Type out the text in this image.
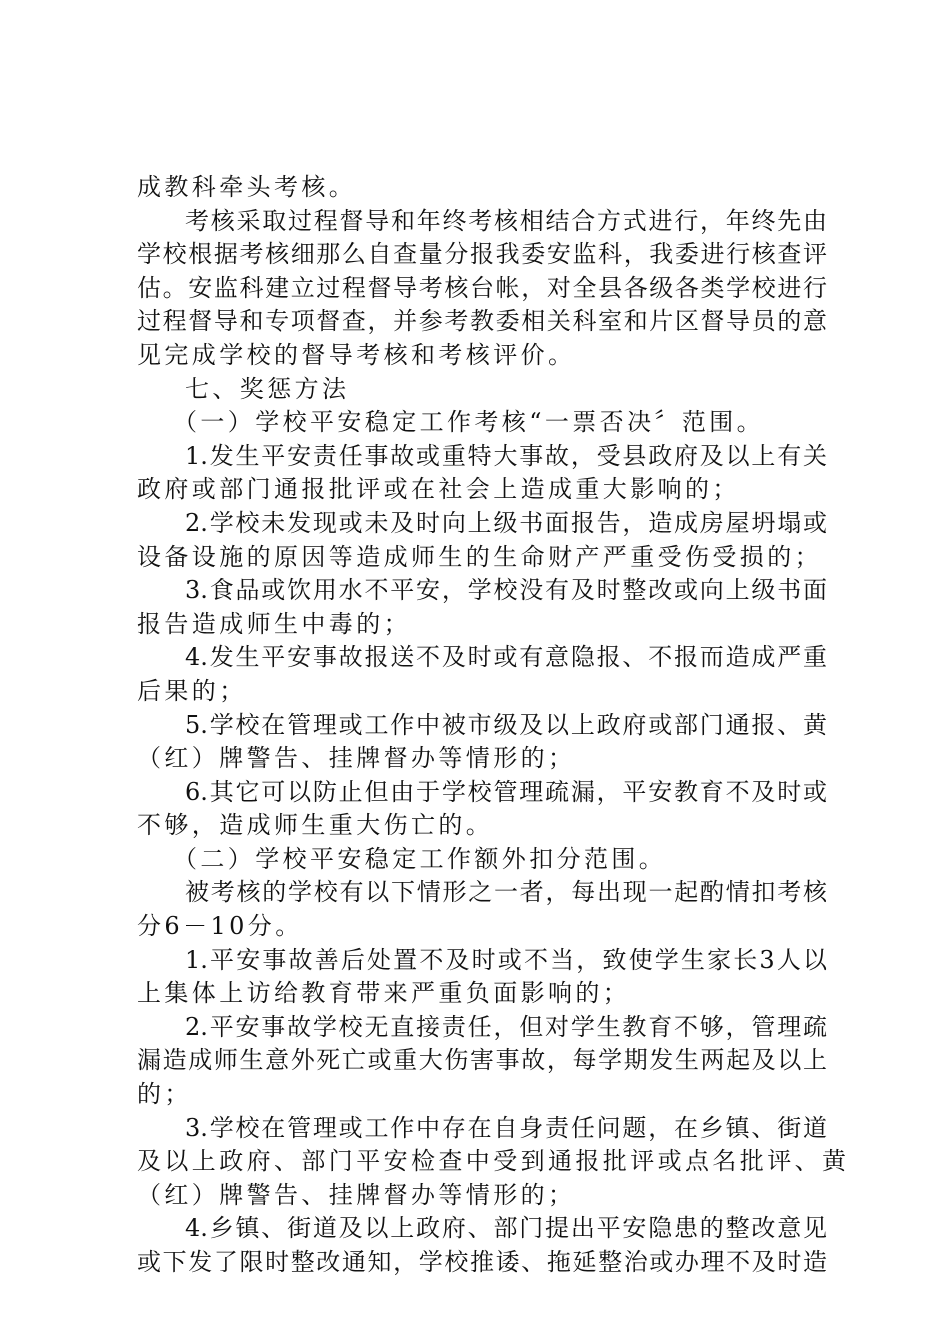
成教科牵头考核。
考核采取过程督导和年终考核相结合方式进行，年终先由
学校根据考核细那么自查量分报我委安监科，我委进行核查评
估。安监科建立过程督导考核台帐，对全县各级各类学校进行
过程督导和专项督查，并参考教委相关科室和片区督导员的意
见完成学校的督导考核和考核评价。
七、奖惩方法
（一）学校平安稳定工作考核“一票否决〞范围。
1.发生平安责任事故或重特大事故，受县政府及以上有关
政府或部门通报批评或在社会上造成重大影响的；
2.学校未发现或未及时向上级书面报告，造成房屋坍塌或
设备设施的原因等造成师生的生命财产严重受伤受损的；
3.食品或饮用水不平安，学校没有及时整改或向上级书面
报告造成师生中毒的；
4.发生平安事故报送不及时或有意隐报、不报而造成严重
后果的；
5.学校在管理或工作中被市级及以上政府或部门通报、黄
（红）牌警告、挂牌督办等情形的；
6.其它可以防止但由于学校管理疏漏，平安教育不及时或
不够，造成师生重大伤亡的。
（二）学校平安稳定工作额外扣分范围。
被考核的学校有以下情形之一者，每出现一起酌情扣考核
分6－10分。
1.平安事故善后处置不及时或不当，致使学生家长3人以
上集体上访给教育带来严重负面影响的；
2.平安事故学校无直接责任，但对学生教育不够，管理疏
漏造成师生意外死亡或重大伤害事故，每学期发生两起及以上
的；
3.学校在管理或工作中存在自身责任问题，在乡镇、街道
及以上政府、部门平安检查中受到通报批评或点名批评、黄
（红）牌警告、挂牌督办等情形的；
4.乡镇、街道及以上政府、部门提出平安隐患的整改意见
或下发了限时整改通知，学校推诿、拖延整治或办理不及时造
